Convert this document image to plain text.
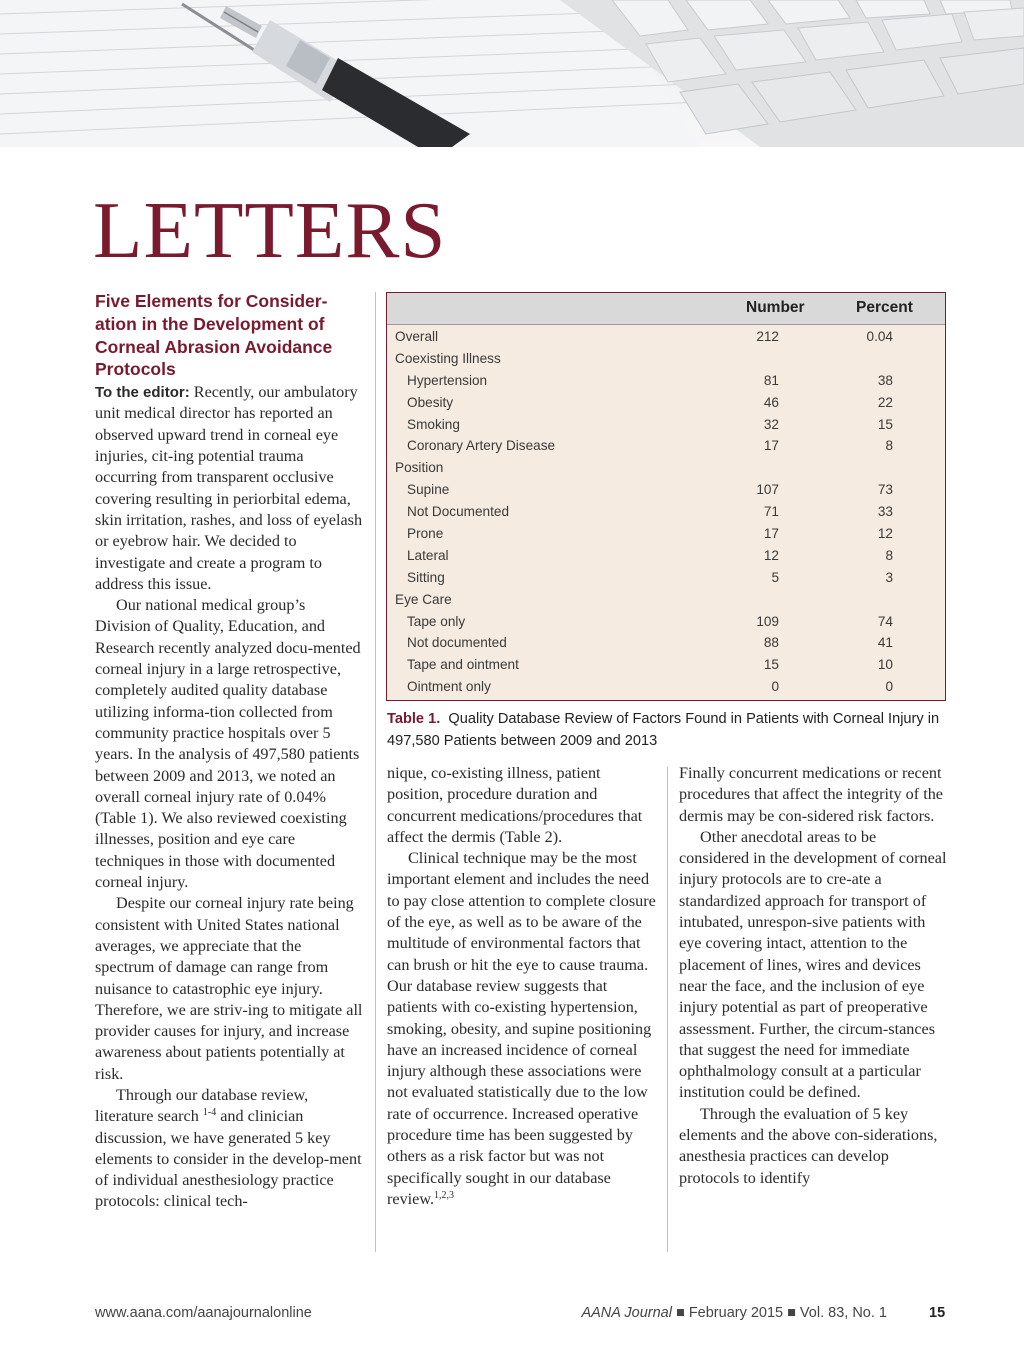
LETTERS
Five Elements for Consider-ation in the Development of Corneal Abrasion Avoidance Protocols

To the editor: Recently, our ambulatory unit medical director has reported an observed upward trend in corneal eye injuries, cit-ing potential trauma occurring from transparent occlusive covering resulting in periorbital edema, skin irritation, rashes, and loss of eyelash or eyebrow hair. We decided to investigate and create a program to address this issue.

Our national medical group’s Division of Quality, Education, and Research recently analyzed docu-mented corneal injury in a large retrospective, completely audited quality database utilizing informa-tion collected from community practice hospitals over 5 years. In the analysis of 497,580 patients between 2009 and 2013, we noted an overall corneal injury rate of 0.04% (Table 1). We also reviewed coexisting illnesses, position and eye care techniques in those with documented corneal injury.

Despite our corneal injury rate being consistent with United States national averages, we appreciate that the spectrum of damage can range from nuisance to catastrophic eye injury. Therefore, we are striv-ing to mitigate all provider causes for injury, and increase awareness about patients potentially at risk.

Through our database review, literature search $^{1-4}$ and clinician discussion, we have generated 5 key elements to consider in the develop-ment of individual anesthesiology practice protocols: clinical tech-

Number	Percent
Overall	212	0.04
Coexisting Illness
Hypertension	81	38
Obesity	46	22
Smoking	32	15
Coronary Artery Disease	17	8
Position
Supine	107	73
Not Documented	71	33
Prone	17	12
Lateral	12	8
Sitting	5	3
Eye Care
Tape only	109	74
Not documented	88	41
Tape and ointment	15	10
Ointment only	0	0
Table 1. Quality Database Review of Factors Found in Patients with Corneal Injury in 497,580 Patients between 2009 and 2013

nique, co-existing illness, patient position, procedure duration and concurrent medications/procedures that affect the dermis (Table 2).

Clinical technique may be the most important element and includes the need to pay close attention to complete closure of the eye, as well as to be aware of the multitude of environmental factors that can brush or hit the eye to cause trauma. Our database review suggests that patients with co-existing hypertension, smoking, obesity, and supine positioning have an increased incidence of corneal injury although these associations were not evaluated statistically due to the low rate of occurrence. Increased operative procedure time has been suggested by others as a risk factor but was not specifically sought in our database review.$^{1,2,3}$

Finally concurrent medications or recent procedures that affect the integrity of the dermis may be con-sidered risk factors.

Other anecdotal areas to be considered in the development of corneal injury protocols are to cre-ate a standardized approach for transport of intubated, unrespon-sive patients with eye covering intact, attention to the placement of lines, wires and devices near the face, and the inclusion of eye injury potential as part of preoperative assessment. Further, the circum-stances that suggest the need for immediate ophthalmology consult at a particular institution could be defined.

Through the evaluation of 5 key elements and the above con-siderations, anesthesia practices can develop protocols to identify

www.aana.com/aanajournalonline	AANA Journal ■ February 2015 ■ Vol. 83, No. 1	15
